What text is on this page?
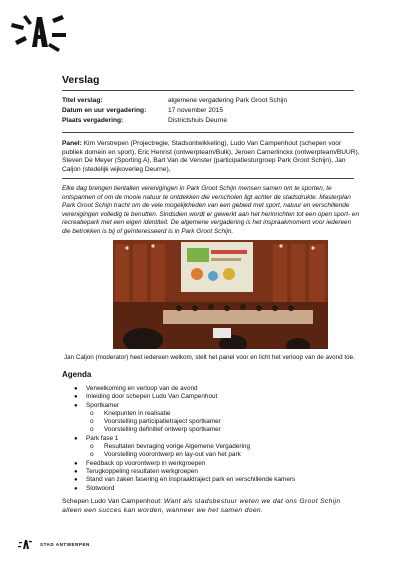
Verslag
Titel verslag:	algemene vergadering Park Groot Schijn
Datum en uur vergadering:	17 november 2015
Plaats vergadering:	Districtshuis Deurne
Panel: Kim Verstrepen (Projectregie, Stadsontwikkeling), Ludo Van Campenhout (schepen voor publiek domein en sport), Eric Henrist (ontwerpteam/Bulk), Jeroen Camerlinckx (ontwerpteam/BUUR), Steven De Meyer (Sporting A), Bart Van de Venster (participatiesturgroep Park Groot Schijn), Jan Caljon (stedelijk wijkoverleg Deurne),
Elke dag brengen tientallen verenigingen in Park Groot Schijn mensen samen om te sporten, te ontspannen of om de mooie natuur te ontdekken die verscholen ligt achter de stadsdrukte. Masterplan Park Groot Schijn tracht om de vele mogelijkheden van een gebied met sport, natuur en verschillende verenigingen volledig te benutten. Sindsdien wordt er gewerkt aan het herinrichten tot een open sport- en recreatiepark met een eigen identiteit. De algemene vergadering is het inspraakmoment voor iedereen die betrokken is bij of geïnteresseerd is in Park Groot Schijn.
Jan Caljon (moderator) heet iedereen welkom, stelt het panel voor en licht het verloop van de avond toe.
Agenda
●	Verwelkoming en verloop van de avond
●	Inleiding door schepen Ludo Van Campenhout
●	Sportkamer
o	Knelpunten in realisatie
o	Voorstelling participatietraject sportkamer
o	Voorstelling definitief ontwerp sportkamer
●	Park fase 1
o	Resultaten bevraging vorige Algemene Vergadering
o	Voorstelling voorontwerp en lay-out van het park
●	Feedback op voorontwerp in werkgroepen
●	Terugkoppeling resultaten werkgroepen
●	Stand van zaken fasering en inspraaktraject park en verschillende kamers
●	Slotwoord
Schepen Ludo Van Campenhout: Want als stadsbestuur weten we dat ons Groot Schijn alleen een succes kan worden, wanneer we het samen doen.
STAD ANTWERPEN
